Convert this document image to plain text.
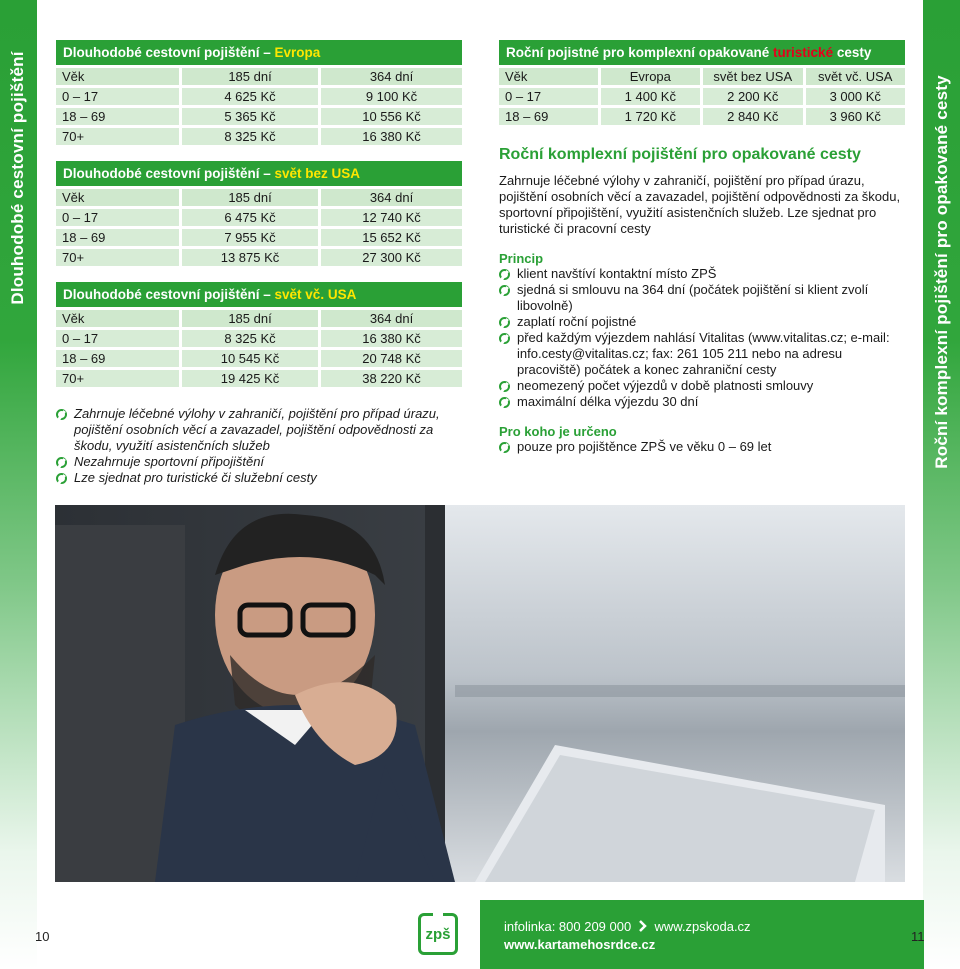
Dlouhodobé cestovní pojištění	Roční komplexní pojištění pro opakované cesty
Dlouhodobé cestovní pojištění – Evropa
Věk	185 dní	364 dní
0 – 17	4 625 Kč	9 100 Kč
18 – 69	5 365 Kč	10 556 Kč
70+	8 325 Kč	16 380 Kč
Dlouhodobé cestovní pojištění – svět bez USA
Věk	185 dní	364 dní
0 – 17	6 475 Kč	12 740 Kč
18 – 69	7 955 Kč	15 652 Kč
70+	13 875 Kč	27 300 Kč
Dlouhodobé cestovní pojištění – svět vč. USA
Věk	185 dní	364 dní
0 – 17	8 325 Kč	16 380 Kč
18 – 69	10 545 Kč	20 748 Kč
70+	19 425 Kč	38 220 Kč
Zahrnuje léčebné výlohy v zahraničí, pojištění pro případ úrazu, pojištění osobních věcí a zavazadel, pojištění odpovědnosti za škodu, využití asistenčních služeb
Nezahrnuje sportovní připojištění
Lze sjednat pro turistické či služební cesty
Roční pojistné pro komplexní opakované turistické cesty
Věk	Evropa	svět bez USA	svět vč. USA
0 – 17	1 400 Kč	2 200 Kč	3 000 Kč
18 – 69	1 720 Kč	2 840 Kč	3 960 Kč
Roční komplexní pojištění pro opakované cesty
Zahrnuje léčebné výlohy v zahraničí, pojištění pro případ úrazu, pojištění osobních věcí a zavazadel, pojištění odpovědnosti za škodu, sportovní připojištění, využití asistenčních služeb. Lze sjednat pro turistické či pracovní cesty
Princip
klient navštíví kontaktní místo ZPŠ
sjedná si smlouvu na 364 dní (počátek pojištění si klient zvolí libovolně)
zaplatí roční pojistné
před každým výjezdem nahlásí Vitalitas (www.vitalitas.cz; e-mail: info.cesty@vitalitas.cz; fax: 261 105 211 nebo na adresu pracoviště) počátek a konec zahraniční cesty
neomezený počet výjezdů v době platnosti smlouvy
maximální délka výjezdu 30 dní
Pro koho je určeno
pouze pro pojištěnce ZPŠ ve věku 0 – 69 let
10	zpš	infolinka: 800 209 000 www.zpskoda.cz
www.kartamehosrdce.cz
11
